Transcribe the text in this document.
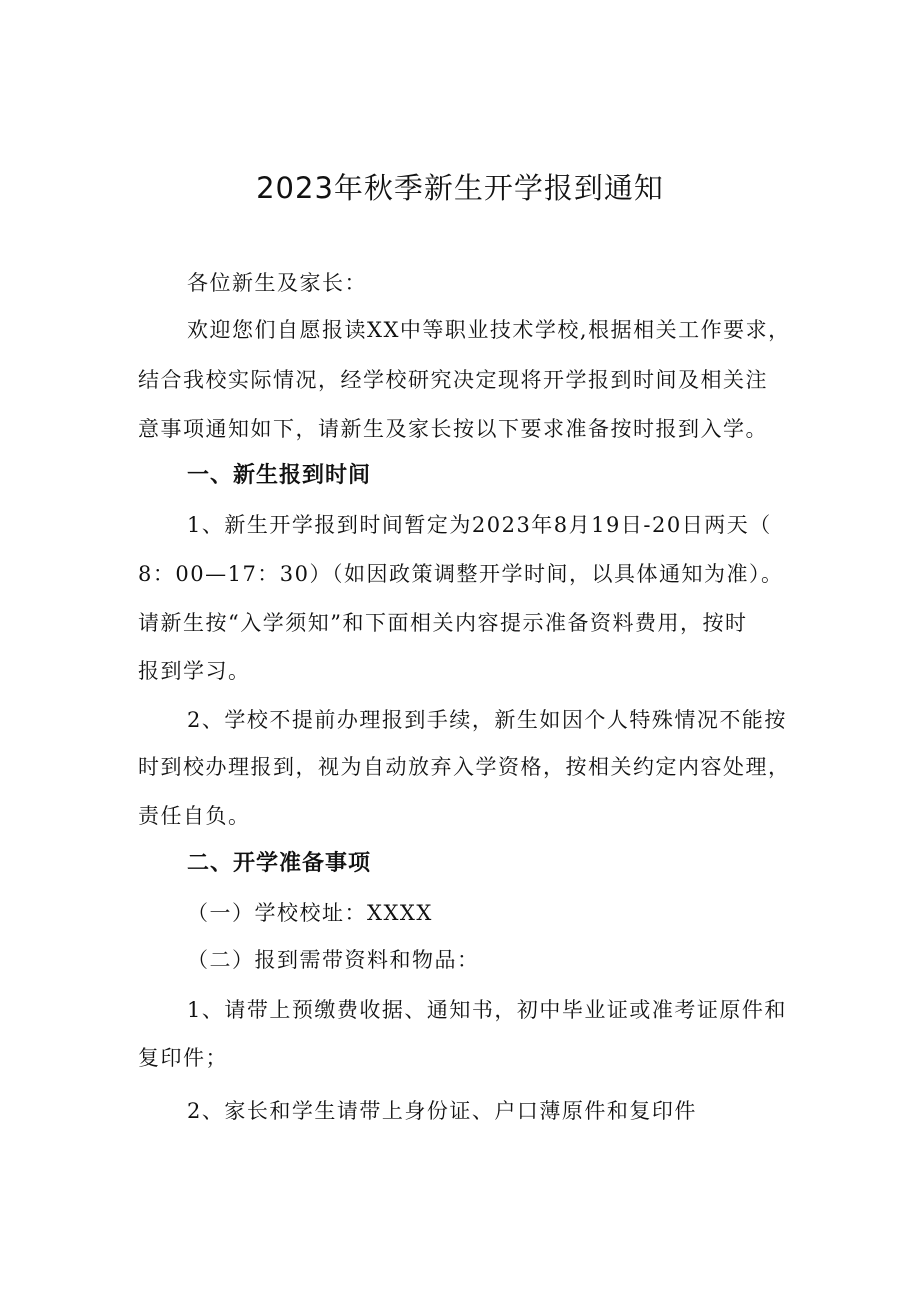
2023年秋季新生开学报到通知
各位新生及家长：
欢迎您们自愿报读XX中等职业技术学校,根据相关工作要求，
结合我校实际情况，经学校研究决定现将开学报到时间及相关注
意事项通知如下，请新生及家长按以下要求准备按时报到入学。
一、新生报到时间
1、新生开学报到时间暂定为2023年8月19日-20日两天（
8：00—17：30）（如因政策调整开学时间，以具体通知为准）。
请新生按“入学须知”和下面相关内容提示准备资料费用，按时
报到学习。
2、学校不提前办理报到手续，新生如因个人特殊情况不能按
时到校办理报到，视为自动放弃入学资格，按相关约定内容处理，
责任自负。
二、开学准备事项
（一）学校校址：XXXX
（二）报到需带资料和物品：
1、请带上预缴费收据、通知书，初中毕业证或准考证原件和
复印件；
2、家长和学生请带上身份证、户口薄原件和复印件
